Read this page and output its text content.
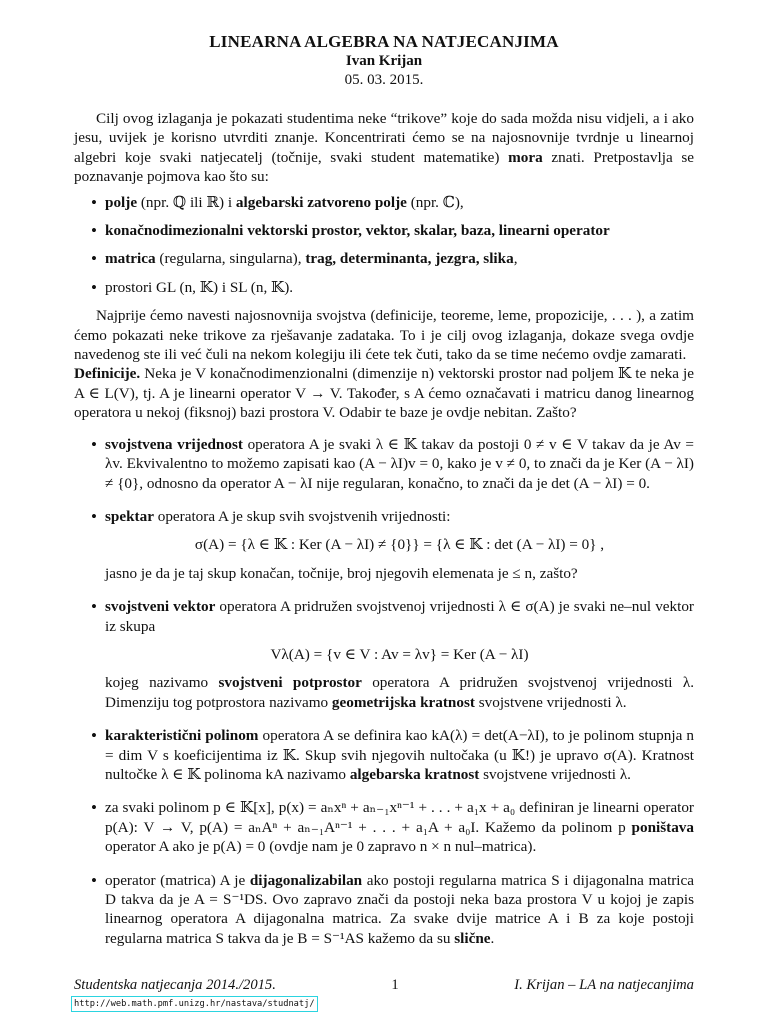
LINEARNA ALGEBRA NA NATJECANJIMA
Ivan Krijan
05. 03. 2015.

Cilj ovog izlaganja je pokazati studentima neke “trikove” koje do sada možda nisu vidjeli, a i ako jesu, uvijek je korisno utvrditi znanje. Koncentrirati ćemo se na najosnovnije tvrdnje u linearnoj algebri koje svaki natjecatelj (točnije, svaki student matematike) mora znati. Pretpostavlja se poznavanje pojmova kao što su:

• polje (npr. ℚ ili ℝ) i algebarski zatvoreno polje (npr. ℂ),
• konačnodimezionalni vektorski prostor, vektor, skalar, baza, linearni operator
• matrica (regularna, singularna), trag, determinanta, jezgra, slika,
• prostori GL (n, 𝕂) i SL (n, 𝕂).

Najprije ćemo navesti najosnovnija svojstva (definicije, teoreme, leme, propozicije, . . . ), a zatim ćemo pokazati neke trikove za rješavanje zadataka. To i je cilj ovog izlaganja, dokaze svega ovdje navedenog ste ili već čuli na nekom kolegiju ili ćete tek čuti, tako da se time nećemo ovdje zamarati.

Definicije. Neka je V konačnodimenzionalni (dimenzije n) vektorski prostor nad poljem 𝕂 te neka je A ∈ L(V), tj. A je linearni operator V → V. Također, s A ćemo označavati i matricu danog linearnog operatora u nekoj (fiksnoj) bazi prostora V. Odabir te baze je ovdje nebitan. Zašto?

• svojstvena vrijednost operatora A je svaki λ ∈ 𝕂 takav da postoji 0 ≠ v ∈ V takav da je Av = λv. Ekvivalentno to možemo zapisati kao (A − λI)v = 0, kako je v ≠ 0, to znači da je Ker (A − λI) ≠ {0}, odnosno da operator A − λI nije regularan, konačno, to znači da je det (A − λI) = 0.
• spektar operatora A je skup svih svojstvenih vrijednosti:
σ(A) = {λ ∈ 𝕂 : Ker (A − λI) ≠ {0}} = {λ ∈ 𝕂 : det (A − λI) = 0} ,
jasno je da je taj skup konačan, točnije, broj njegovih elemenata je ≤ n, zašto?
• svojstveni vektor operatora A pridružen svojstvenoj vrijednosti λ ∈ σ(A) je svaki ne–nul vektor iz skupa
Vλ(A) = {v ∈ V : Av = λv} = Ker (A − λI)
kojeg nazivamo svojstveni potprostor operatora A pridružen svojstvenoj vrijednosti λ. Dimenziju tog potprostora nazivamo geometrijska kratnost svojstvene vrijednosti λ.
• karakteristični polinom operatora A se definira kao kA(λ) = det(A−λI), to je polinom stupnja n = dim V s koeficijentima iz 𝕂. Skup svih njegovih nultočaka (u 𝕂!) je upravo σ(A). Kratnost nultočke λ ∈ 𝕂 polinoma kA nazivamo algebarska kratnost svojstvene vrijednosti λ.
• za svaki polinom p ∈ 𝕂[x], p(x) = aₙxⁿ + aₙ₋₁xⁿ⁻¹ + . . . + a₁x + a₀ definiran je linearni operator p(A): V → V, p(A) = aₙAⁿ + aₙ₋₁Aⁿ⁻¹ + . . . + a₁A + a₀I. Kažemo da polinom p poništava operator A ako je p(A) = 0 (ovdje nam je 0 zapravo n × n nul–matrica).
• operator (matrica) A je dijagonalizabilan ako postoji regularna matrica S i dijagonalna matrica D takva da je A = S⁻¹DS. Ovo zapravo znači da postoji neka baza prostora V u kojoj je zapis linearnog operatora A dijagonalna matrica. Za svake dvije matrice A i B za koje postoji regularna matrica S takva da je B = S⁻¹AS kažemo da su slične.
Studentska natjecanja 2014./2015.	1	I. Krijan – LA na natjecanjima
http://web.math.pmf.unizg.hr/nastava/studnatj/
